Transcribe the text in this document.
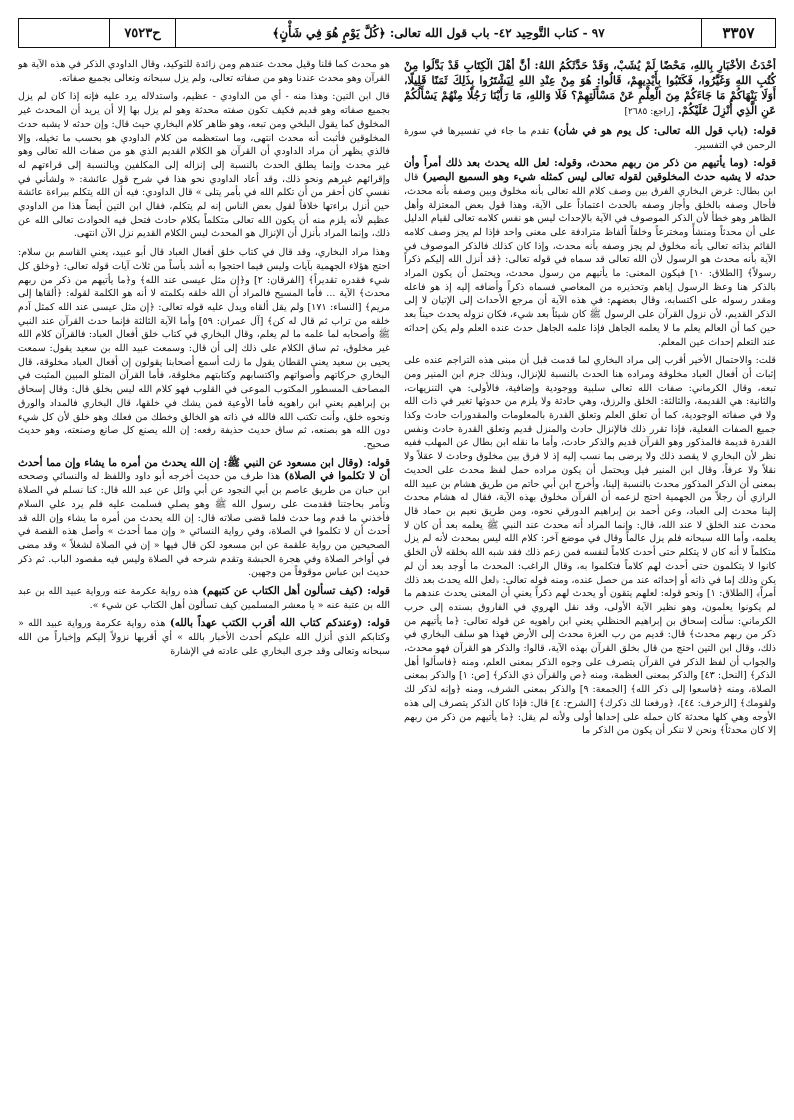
٣٣٥٧
٩٧ - كتاب التَّوحِيد ٤٢- باب قول الله تعالى: ﴿كُلَّ يَوْمٍ هُوَ فِي شَأْنٍ﴾
ح٧٥٢٣

أَحْدَثُ الأَخْبَارِ بِاللهِ، مَحْضًا لَمْ يُشَبْ، وَقَدْ حَدَّثَكُمُ اللهُ: أَنَّ أَهْلَ الْكِتَابِ قَدْ بَدَّلُوا مِنْ كُتُبِ اللهِ وَغَيَّرُوا، فَكَتَبُوا بِأَيْدِيهِمْ، قَالُوا: هُوَ مِنْ عِنْدِ اللهِ لِيَشْتَرُوا بِذَلِكَ ثَمَنًا قَلِيلًا، أَوَلَا يَنْهَاكُمْ مَا جَاءَكُمْ مِنَ الْعِلْمِ عَنْ مَسْأَلَتِهِمْ؟ فَلَا وَاللهِ، مَا رَأَيْنَا رَجُلًا مِنْهُمْ يَسْأَلُكُمْ عَنِ الَّذِي أُنْزِلَ عَلَيْكُمْ. [راجع: ٢٦٨٥]

قوله: (باب قول الله تعالى: كل يوم هو في شأن) تقدم ما جاء في تفسيرها في سورة الرحمن في التفسير.

قوله: (وما يأتيهم من ذكر من ربهم محدث، وقوله: لعل الله يحدث بعد ذلك أمراً وأن حدثه لا يشبه حدث المخلوقين لقوله تعالى ليس كمثله شيء وهو السميع البصير) قال ابن بطال: غرض البخاري الفرق بين وصف كلام الله تعالى بأنه مخلوق وبين وصفه بأنه محدث، فأحال وصفه بالخلق وأجاز وصفه بالحدث اعتماداً على الآية، وهذا قول بعض المعتزلة وأهل الظاهر وهو خطأ لأن الذكر الموصوف في الآية بالإحداث ليس هو نفس كلامه تعالى لقيام الدليل على أن محدثاً ومنشأً ومخترعاً وخلقاً ألفاظ مترادفة على معنى واحد فإذا لم يجز وصف كلامه القائم بذاته تعالى بأنه مخلوق لم يجز وصفه بأنه محدث، وإذا كان كذلك فالذكر الموصوف في الآية بأنه محدث هو الرسول لأن الله تعالى قد سماه في قوله تعالى: ﴿قد أنزل الله إليكم ذكراً رسولاً﴾ [الطلاق: ١٠] فيكون المعنى: ما يأتيهم من رسول محدث، ويحتمل أن يكون المراد بالذكر هنا وعظ الرسول إياهم وتحذيره من المعاصي فسماه ذكراً وأضافه إليه إذ هو فاعله ومقدر رسوله على اكتسابه، وقال بعضهم: في هذه الآية أن مرجع الأحداث إلى الإتيان لا إلى الذكر القديم، لأن نزول القرآن على الرسول ﷺ كان شيئاً بعد شيء، فكان نزوله يحدث حيناً بعد حين كما أن العالم يعلم ما لا يعلمه الجاهل فإذا علمه الجاهل حدث عنده العلم ولم يكن إحداثه عند التعلم إحداث عين المعلم.

قلت: والاحتمال الأخير أقرب إلى مراد البخاري لما قدمت قبل أن مبنى هذه التراجم عنده على إثبات أن أفعال العباد مخلوقة ومراده هنا الحدث بالنسبة للإنزال، وبذلك جزم ابن المنير ومن تبعه، وقال الكرماني: صفات الله تعالى سلبية ووجودية وإضافية، فالأولى: هي التنزيهات، والثانية: هي القديمة، والثالثة: الخلق والرزق، وهي حادثة ولا يلزم من حدوثها تغير في ذات الله ولا في صفاته الوجودية، كما أن تعلق العلم وتعلق القدرة بالمعلومات والمقدورات حادث وكذا جميع الصفات الفعلية، فإذا تقرر ذلك فالإنزال حادث والمنزل قديم وتعلق القدرة حادث ونفس القدرة قديمة فالمذكور وهو القرآن قديم والذكر حادث، وأما ما نقله ابن بطال عن المهلب ففيه نظر لأن البخاري لا يقصد ذلك ولا يرضى بما نسب إليه إذ لا فرق بين مخلوق وحادث لا عقلاً ولا نقلاً ولا عرفاً، وقال ابن المنير فيل ويحتمل أن يكون مراده حمل لفظ محدث على الحديث بمعنى أن الذكر المذكور محدث بالنسبة إلينا، وأخرج ابن أبي حاتم من طريق هشام بن عبيد الله الرازي أن رجلاً من الجهمية احتج لزعمه أن القرآن مخلوق بهذه الآية، فقال له هشام محدث إلينا محدث إلى العباد، وعن أحمد بن إبراهيم الدورقي نحوه، ومن طريق نعيم بن حماد قال محدث عند الخلق لا عند الله، قال: وإنما المراد أنه محدث عند النبي ﷺ يعلمه بعد أن كان لا يعلمه، وأما الله سبحانه فلم يزل عالماً وقال في موضع آخر: كلام الله ليس بمحدث لأنه لم يزل متكلماً لا أنه كان لا يتكلم حتى أحدث كلاماً لنفسه فمن زعم ذلك فقد شبه الله بخلقه لأن الخلق كانوا لا يتكلمون حتى أحدث لهم كلاماً فتكلموا به، وقال الراغب: المحدث ما أوجد بعد أن لم يكن وذلك إما في ذاته أو إحداثه عند من حصل عنده، ومنه قوله تعالى: ﴿لعل الله يحدث بعد ذلك أمراً﴾ [الطلاق: ١] ونحو قوله: لعلهم يتقون أو يحدث لهم ذكراً يعني أن المعنى يحدث عندهم ما لم يكونوا يعلمون، وهو نظير الآية الأولى، وقد نقل الهروي في الفاروق بسنده إلى حرب الكرماني: سألت إسحاق بن إبراهيم الحنظلي يعني ابن راهويه عن قوله تعالى: ﴿ما يأتيهم من ذكر من ربهم محدث﴾ قال: قديم من رب العزة محدث إلى الأرض فهذا هو سلف البخاري في ذلك، وقال ابن التين احتج من قال بخلق القرآن بهذه الآية، قالوا: والذكر هو القرآن فهو محدث، والجواب أن لفظ الذكر في القرآن يتصرف على وجوه الذكر بمعنى العلم، ومنه ﴿فاسألوا أهل الذكر﴾ [النحل: ٤٣] والذكر بمعنى العظمة، ومنه ﴿ص والقرآن ذي الذكر﴾ [ص: ١] والذكر بمعنى الصلاة، ومنه ﴿فاسعوا إلى ذكر الله﴾ [الجمعة: ٩] والذكر بمعنى الشرف، ومنه ﴿وإنه لذكر لك ولقومك﴾ [الزخرف: ٤٤]، ﴿ورفعنا لك ذكرك﴾ [الشرح: ٤] قال: فإذا كان الذكر يتصرف إلى هذه الأوجه وهي كلها محدثة كان حمله على إحداها أولى ولأنه لم يقل: ﴿ما يأتيهم من ذكر من ربهم إلا كان محدثاً﴾ ونحن لا ننكر أن يكون من الذكر ما

هو محدث كما قلنا وقيل محدث عندهم ومن زائدة للتوكيد، وقال الداودي الذكر في هذه الآية هو القرآن وهو محدث عندنا وهو من صفاته تعالى، ولم يزل سبحانه وتعالى بجميع صفاته.

قال ابن التين: وهذا منه - أي من الداودي - عظيم، واستدلاله يرد عليه فإنه إذا كان لم يزل بجميع صفاته وهو قديم فكيف تكون صفته محدثة وهو لم يزل بها إلا أن يريد أن المحدث غير المخلوق كما يقول البلخي ومن تبعه، وهو ظاهر كلام البخاري حيث قال: وإن حدثه لا يشبه حدث المخلوقين فأثبت أنه محدث انتهى، وما استعظمه من كلام الداودي هو بحسب ما تخيله، وإلا فالذي يظهر أن مراد الداودي أن القرآن هو الكلام القديم الذي هو من صفات الله تعالى وهو غير محدث وإنما يطلق الحدث بالنسبة إلى إنزاله إلى المكلفين وبالنسبة إلى قراءتهم له وإقرائهم غيرهم ونحو ذلك، وقد أعاد الداودي نحو هذا في شرح قول عائشة: « ولشأني في نفسي كان أحقر من أن تكلم الله في بأمر يتلى » قال الداودي: فيه أن الله يتكلم ببراءة عائشة حين أنزل براءتها خلافاً لقول بعض الناس إنه لم يتكلم، فقال ابن التين أيضاً هذا من الداودي عظيم لأنه يلزم منه أن يكون الله تعالى متكلماً بكلام حادث فتحل فيه الحوادث تعالى الله عن ذلك، وإنما المراد بأنزل أن الإنزال هو المحدث ليس الكلام القديم نزل الآن انتهى.

وهذا مراد البخاري، وقد قال في كتاب خلق أفعال العباد قال أبو عبيد، يعني القاسم بن سلام: احتج هؤلاء الجهمية بآيات وليس فيما احتجوا به أشد بأساً من ثلاث آيات قوله تعالى: ﴿وخلق كل شيء فقدره تقديراً﴾ [الفرقان: ٢] و﴿إن مثل عيسى عند الله﴾ و﴿ما يأتيهم من ذكر من ربهم محدث﴾ الآية ... فأما المسيح فالمراد أن الله خلقه بكلمته لا أنه هو الكلمة لقوله: ﴿ألقاها إلى مريم﴾ [النساء: ١٧١] ولم يقل ألقاه ويدل عليه قوله تعالى: ﴿إن مثل عيسى عند الله كمثل آدم خلقه من تراب ثم قال له كن﴾ [آل عمران: ٥٩] وأما الآية الثالثة فإنما حدث القرآن عند النبي ﷺ وأصحابه لما علمه ما لم يعلم، وقال البخاري في كتاب خلق أفعال العباد: فالقرآن كلام الله غير مخلوق، ثم ساق الكلام على ذلك إلى أن قال: وسمعت عبيد الله بن سعيد يقول: سمعت يحيى بن سعيد يعني القطان يقول ما زلت أسمع أصحابنا يقولون إن أفعال العباد مخلوقة، قال البخاري حركاتهم وأصواتهم واكتسابهم وكتابتهم مخلوقة، فأما القرآن المتلو المبين المثبت في المصاحف المسطور المكتوب الموعى في القلوب فهو كلام الله ليس بخلق قال: وقال إسحاق بن إبراهيم يعني ابن راهويه فأما الأوعية فمن يشك في خلقها، قال البخاري فالمداد والورق ونحوه خلق، وأنت تكتب الله فالله في ذاته هو الخالق وخطك من فعلك وهو خلق لأن كل شيء دون الله هو بصنعه، ثم ساق حديث حذيفة رفعه: إن الله يصنع كل صانع وصنعته، وهو حديث صحيح.

قوله: (وقال ابن مسعود عن النبي ﷺ: إن الله يحدث من أمره ما يشاء وإن مما أحدث أن لا تكلموا في الصلاة) هذا طرف من حديث أخرجه أبو داود واللفظ له والنسائي وصححه ابن حبان من طريق عاصم بن أبي النجود عن أبي وائل عن عبد الله قال: كنا نسلم في الصلاة ونأمر بحاجتنا فقدمت على رسول الله ﷺ وهو يصلي فسلمت عليه فلم يرد علي السلام فأخذني ما قدم وما حدث فلما قضى صلاته قال: إن الله يحدث من أمره ما يشاء وإن الله قد أحدث أن لا تكلموا في الصلاة، وفي رواية النسائي « وإن مما أحدث » وأصل هذه القصة في الصحيحين من رواية علقمة عن ابن مسعود لكن قال فيها « إن في الصلاة لشغلاً » وقد مضى في أواخر الصلاة وفي هجرة الحبشة وتقدم شرحه في الصلاة وليس فيه مقصود الباب. ثم ذكر حديث ابن عباس موقوفاً من وجهين.

قوله: (كيف تسألون أهل الكتاب عن كتبهم) هذه رواية عكرمة عنه ورواية عبيد الله بن عبد الله بن عتبة عنه « يا معشر المسلمين كيف تسألون أهل الكتاب عن شيء ».

قوله: (وعندكم كتاب الله أقرب الكتب عهداً بالله) هذه رواية عكرمة ورواية عبيد الله « وكتابكم الذي أنزل الله عليكم أحدث الأخبار بالله » أي أقربها نزولاً إليكم وإخباراً من الله سبحانه وتعالى وقد جرى البخاري على عادته في الإشارة
